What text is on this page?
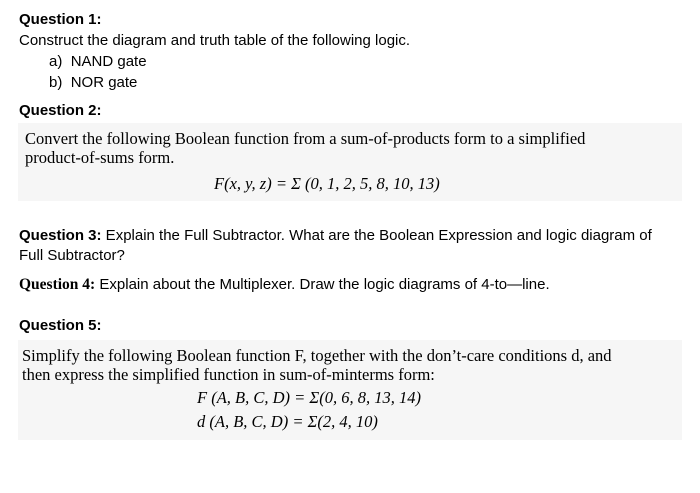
Question 1:
Construct the diagram and truth table of the following logic.
a) NAND gate
b) NOR gate
Question 2:
Convert the following Boolean function from a sum-of-products form to a simplified
product-of-sums form.
F(x, y, z) = Σ (0, 1, 2, 5, 8, 10, 13)
Question 3: Explain the Full Subtractor. What are the Boolean Expression and logic diagram of
Full Subtractor?
Question 4: Explain about the Multiplexer. Draw the logic diagrams of 4-to—line.
Question 5:
Simplify the following Boolean function F, together with the don’t-care conditions d, and
then express the simplified function in sum-of-minterms form:
F (A, B, C, D) = Σ(0, 6, 8, 13, 14)
d (A, B, C, D) = Σ(2, 4, 10)
